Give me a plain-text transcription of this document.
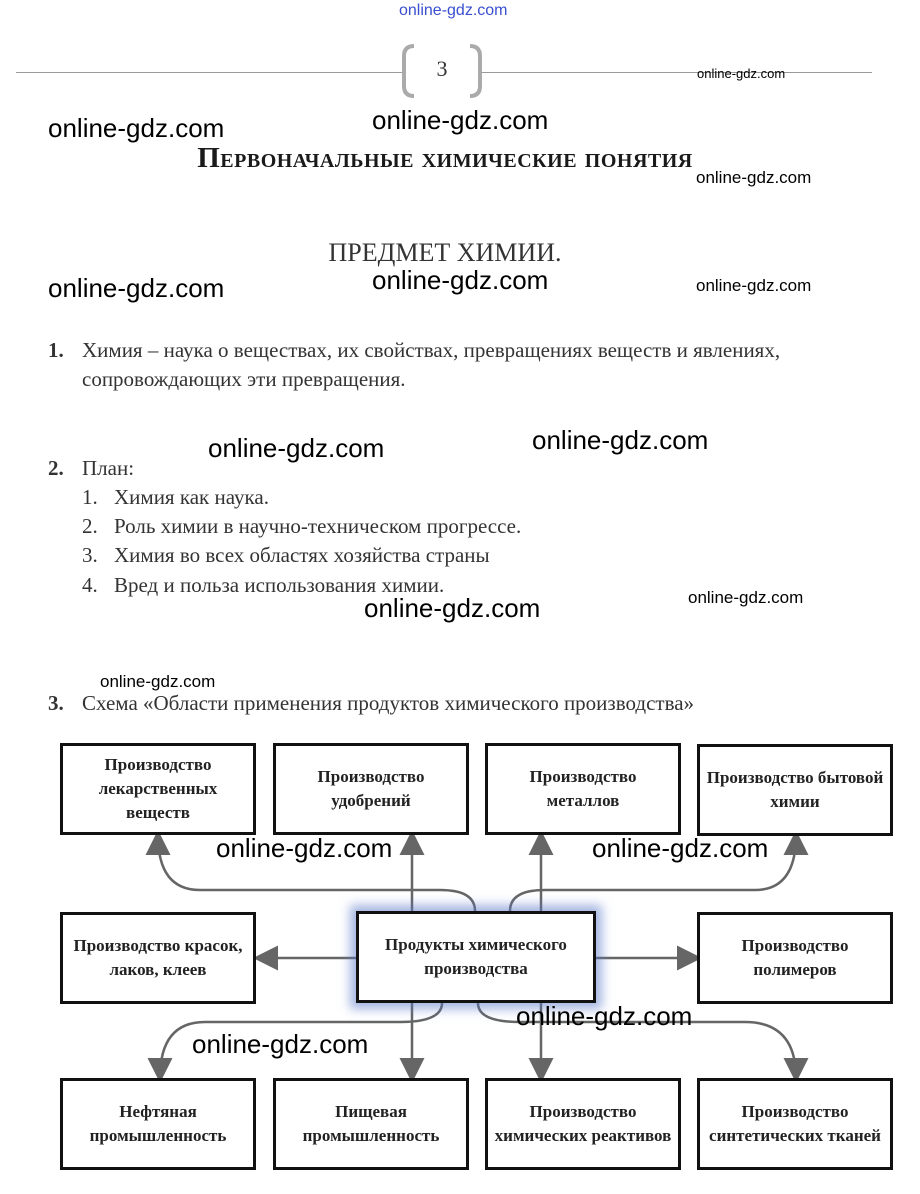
online-gdz.com
3	online-gdz.com
Первоначальные химические понятия
ПРЕДМЕТ ХИМИИ.
1. Химия – наука о веществах, их свойствах, превращениях веществ и явлениях,
сопровождающих эти превращения.
2. План:
1. Химия как наука.
2. Роль химии в научно-техническом прогрессе.
3. Химия во всех областях хозяйства страны
4. Вред и польза использования химии.
3. Схема «Области применения продуктов химического производства»
Производство лекарственных веществ
Производство удобрений
Производство металлов
Производство бытовой химии
Производство красок, лаков, клеев
Продукты химического производства
Производство полимеров
Нефтяная промышленность
Пищевая промышленность
Производство химических реактивов
Производство синтетических тканей
online-gdz.com	online-gdz.com
online-gdz.com
online-gdz.com	online-gdz.com	online-gdz.com
online-gdz.com	online-gdz.com
online-gdz.com	online-gdz.com
online-gdz.com
online-gdz.com	online-gdz.com
online-gdz.com
online-gdz.com
